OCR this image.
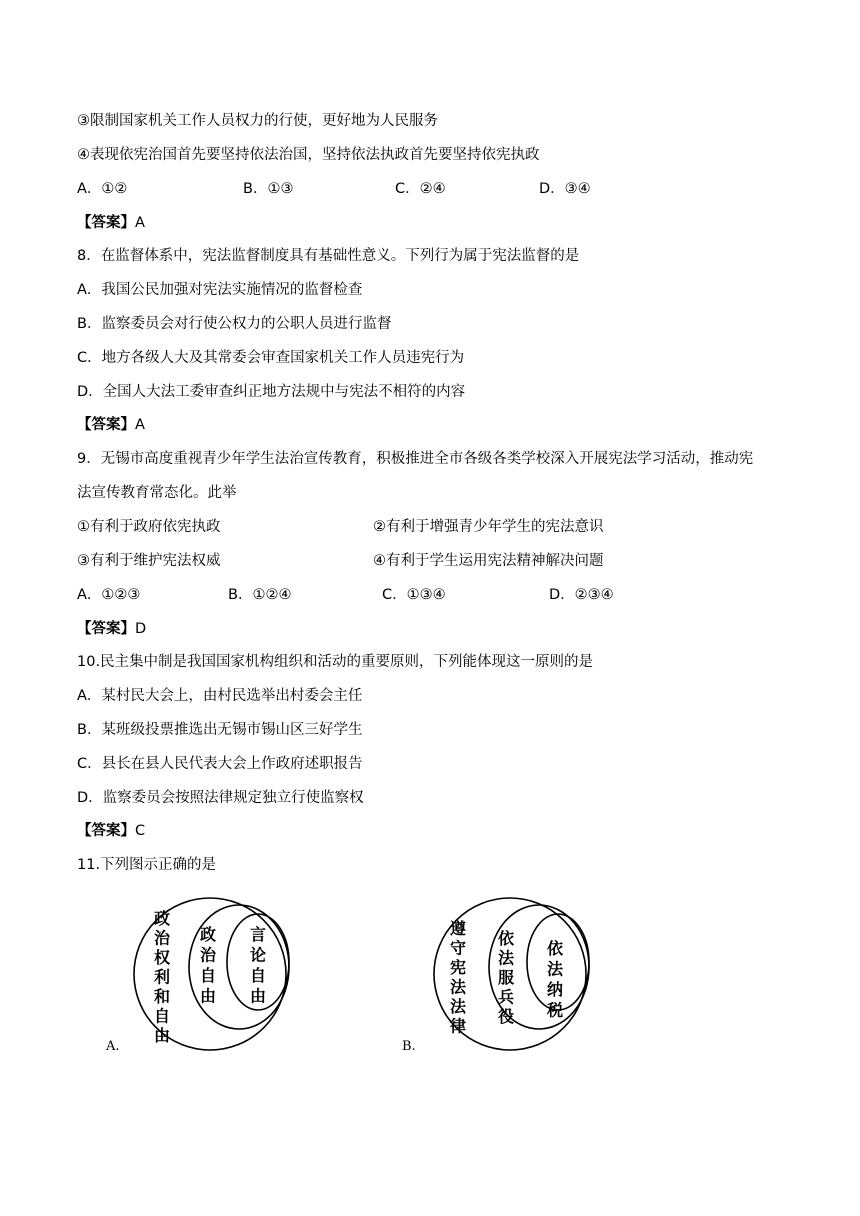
③限制国家机关工作人员权力的行使，更好地为人民服务
④表现依宪治国首先要坚持依法治国，坚持依法执政首先要坚持依宪执政
A．①②	B．①③	C．②④	D．③④
【答案】A
8．在监督体系中，宪法监督制度具有基础性意义。下列行为属于宪法监督的是
A．我国公民加强对宪法实施情况的监督检查
B．监察委员会对行使公权力的公职人员进行监督
C．地方各级人大及其常委会审查国家机关工作人员违宪行为
D．全国人大法工委审查纠正地方法规中与宪法不相符的内容
【答案】A
9．无锡市高度重视青少年学生法治宣传教育，积极推进全市各级各类学校深入开展宪法学习活动，推动宪
法宣传教育常态化。此举
①有利于政府依宪执政	②有利于增强青少年学生的宪法意识
③有利于维护宪法权威	④有利于学生运用宪法精神解决问题
A．①②③	B．①②④	C．①③④	D．②③④
【答案】D
10.民主集中制是我国国家机构组织和活动的重要原则，下列能体现这一原则的是
A．某村民大会上，由村民选举出村委会主任
B．某班级投票推选出无锡市锡山区三好学生
C．县长在县人民代表大会上作政府述职报告
D．监察委员会按照法律规定独立行使监察权
【答案】C
11.下列图示正确的是
政
治
权
利
和
自
由
政
治
自
由
言
论
自
由
A.
遵
守
宪
法
法
律
依
法
服
兵
役
依
法
纳
税
B.
